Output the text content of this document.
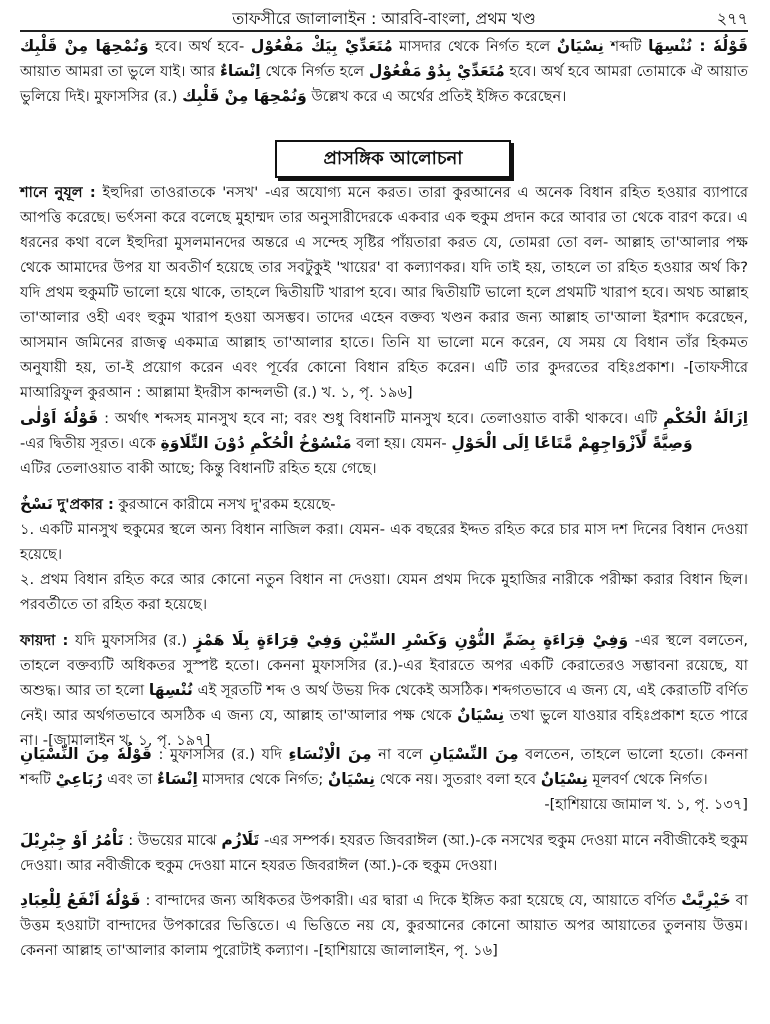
তাফসীরে জালালাইন : আরবি-বাংলা, প্রথম খণ্ড	২৭৭

وَنُمْحِهَا مِنْ قَلْبِك হবে। অর্থ হবে- مُتَعَدِّيْ بِيَكْ مَفْعُوْل মাসদার থেকে নির্গত হলে نِسْيَانٌ শব্দটি قَوْلُهٗ : نُنْسِهَا আয়াত আমরা তা ভুলে যাই। আর اِنْسَاءٌ থেকে নির্গত হলে مُتَعَدِّيْ بِدُوْ مَفْعُوْل হবে। অর্থ হবে আমরা তোমাকে ঐ আয়াত ভুলিয়ে দিই। মুফাসসির (র.) وَنُمْحِهَا مِنْ قَلْبِك উল্লেখ করে এ অর্থের প্রতিই ইঙ্গিত করেছেন।

প্রাসঙ্গিক আলোচনা

শানে নুযূল : ইহুদিরা তাওরাতকে 'নসখ' -এর অযোগ্য মনে করত। তারা কুরআনের এ অনেক বিধান রহিত হওয়ার ব্যাপারে আপত্তি করেছে। ভর্ৎসনা করে বলেছে মুহাম্মদ তার অনুসারীদেরকে একবার এক হুকুম প্রদান করে আবার তা থেকে বারণ করে। এ ধরনের কথা বলে ইহুদিরা মুসলমানদের অন্তরে এ সন্দেহ সৃষ্টির পাঁয়তারা করত যে, তোমরা তো বল- আল্লাহ তা'আলার পক্ষ থেকে আমাদের উপর যা অবতীর্ণ হয়েছে তার সবটুকুই 'খায়ের' বা কল্যাণকর। যদি তাই হয়, তাহলে তা রহিত হওয়ার অর্থ কি? যদি প্রথম হুকুমটি ভালো হয়ে থাকে, তাহলে দ্বিতীয়টি খারাপ হবে। আর দ্বিতীয়টি ভালো হলে প্রথমটি খারাপ হবে। অথচ আল্লাহ তা'আলার ওহী এবং হুকুম খারাপ হওয়া অসম্ভব। তাদের এহেন বক্তব্য খণ্ডন করার জন্য আল্লাহ তা'আলা ইরশাদ করেছেন, আসমান জমিনের রাজত্ব একমাত্র আল্লাহ তা'আলার হাতে। তিনি যা ভালো মনে করেন, যে সময় যে বিধান তাঁর হিকমত অনুযায়ী হয়, তা-ই প্রয়োগ করেন এবং পূর্বের কোনো বিধান রহিত করেন। এটি তার কুদরতের বহিঃপ্রকাশ। -[তাফসীরে মাআরিফুল কুরআন : আল্লামা ইদরীস কান্দলভী (র.) খ. ১, পৃ. ১৯৬]

قَوْلُهٗ اَوْلٰى : অর্থাৎ শব্দসহ মানসুখ হবে না; বরং শুধু বিধানটি মানসুখ হবে। তেলাওয়াত বাকী থাকবে। এটি اِزَالَةُ الْحُكْمِ -এর দ্বিতীয় সূরত। একে مَنْسُوْخُ الْحُكْمِ دُوْنَ التِّلَاوَةِ বলা হয়। যেমন- وَصِيَّةً لِّاَزْوَاجِهِمْ مَّتَاعًا اِلَى الْحَوْلِ

এটির তেলাওয়াত বাকী আছে; কিন্তু বিধানটি রহিত হয়ে গেছে।

نَسْخٌ দু'প্রকার : কুরআনে কারীমে নসখ দু'রকম হয়েছে-

১. একটি মানসুখ হুকুমের স্থলে অন্য বিধান নাজিল করা। যেমন- এক বছরের ইদ্দত রহিত করে চার মাস দশ দিনের বিধান দেওয়া হয়েছে।

২. প্রথম বিধান রহিত করে আর কোনো নতুন বিধান না দেওয়া। যেমন প্রথম দিকে মুহাজির নারীকে পরীক্ষা করার বিধান ছিল। পরবর্তীতে তা রহিত করা হয়েছে।

ফায়দা : যদি মুফাসসির (র.) وَفِيْ قِرَاءَةٍ بِلَا هَمْزٍ وَفِيْ قِرَاءَةٍ بِضَمِّ النُّوْنِ وَكَسْرِ السِّيْنِ -এর স্থলে বলতেন, তাহলে বক্তব্যটি অধিকতর সুস্পষ্ট হতো। কেননা মুফাসসির (র.)-এর ইবারতে অপর একটি কেরাতেরও সম্ভাবনা রয়েছে, যা অশুদ্ধ। আর তা হলো نُنْسِهَا এই সূরতটি শব্দ ও অর্থ উভয় দিক থেকেই অসঠিক। শব্দগতভাবে এ জন্য যে, এই কেরাতটি বর্ণিত নেই। আর অর্থগতভাবে অসঠিক এ জন্য যে, আল্লাহ তা'আলার পক্ষ থেকে نِسْيَانٌ তথা ভুলে যাওয়ার বহিঃপ্রকাশ হতে পারে না। -[জামালাইন খ. ১, পৃ. ১৯৭]

قَوْلُهٗ مِنَ النِّسْيَانِ : মুফাসসির (র.) যদি مِنَ الْاِنْسَاءِ না বলে مِنَ النِّسْيَانِ বলতেন, তাহলে ভালো হতো। কেননা শব্দটি رُبَاعِيْ এবং তা اِنْسَاءٌ মাসদার থেকে নির্গত; نِسْيَانٌ থেকে নয়। সুতরাং বলা হবে نِسْيَانٌ মূলবর্ণ থেকে নির্গত।

-[হাশিয়ায়ে জামাল খ. ১, পৃ. ১৩৭]

نَاْمُرُ اَوْ جِبْرِيْلَ : উভয়ের মাঝে تَلَازُم -এর সম্পর্ক। হযরত জিবরাঈল (আ.)-কে নসখের হুকুম দেওয়া মানে নবীজীকেই হুকুম দেওয়া। আর নবীজীকে হুকুম দেওয়া মানে হযরত জিবরাঈল (আ.)-কে হুকুম দেওয়া।

قَوْلُهٗ اَنْفَعُ لِلْعِبَادِ : বান্দাদের জন্য অধিকতর উপকারী। এর দ্বারা এ দিকে ইঙ্গিত করা হয়েছে যে, আয়াতে বর্ণিত خَيْرِيَّتْ বা উত্তম হওয়াটা বান্দাদের উপকারের ভিত্তিতে। এ ভিত্তিতে নয় যে, কুরআনের কোনো আয়াত অপর আয়াতের তুলনায় উত্তম। কেননা আল্লাহ তা'আলার কালাম পুরোটাই কল্যাণ। -[হাশিয়ায়ে জালালাইন, পৃ. ১৬]
